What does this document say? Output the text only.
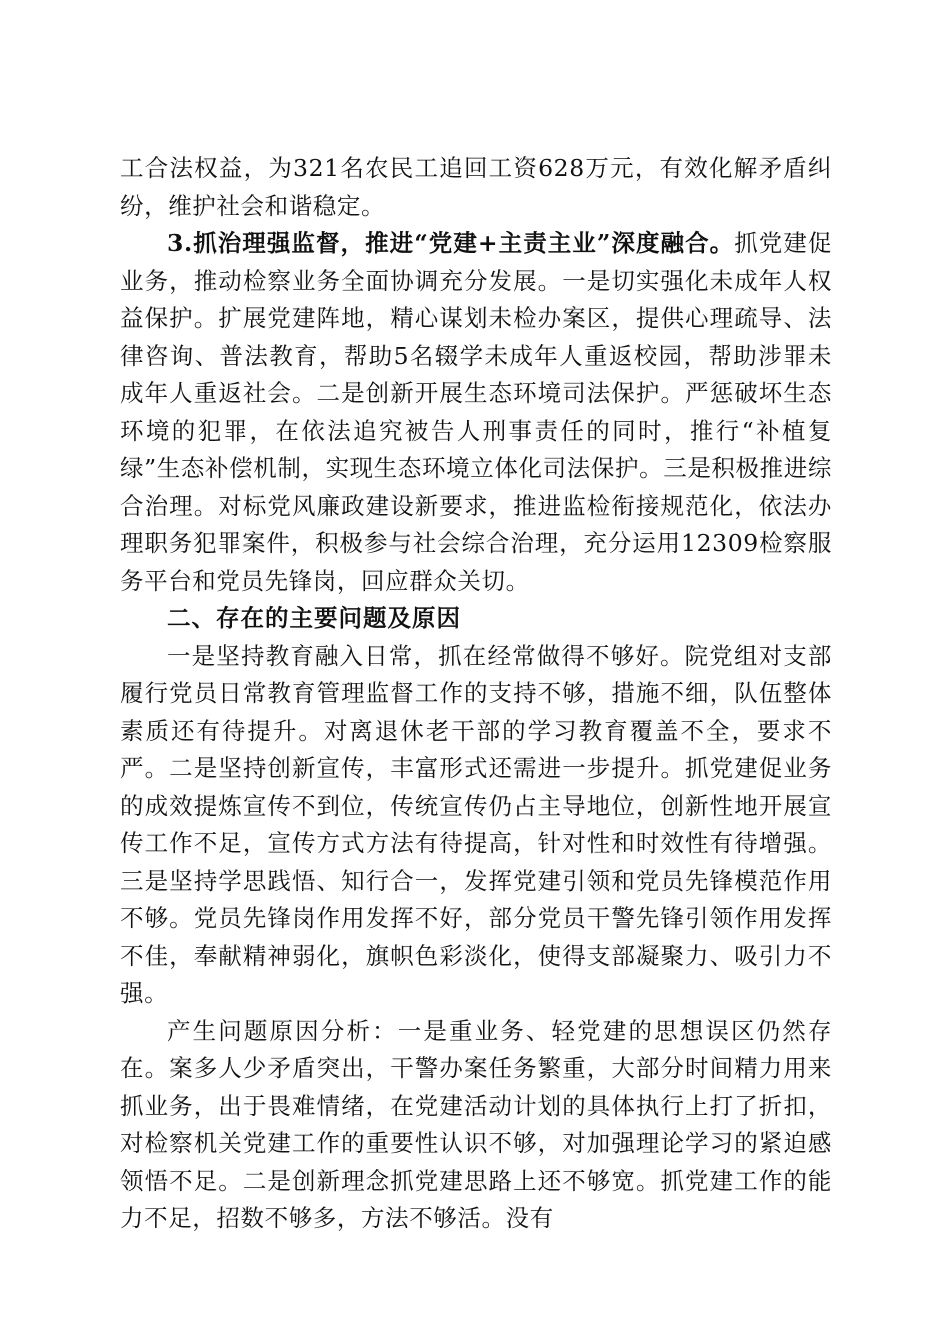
工合法权益，为321名农民工追回工资628万元，有效化解矛盾纠纷，维护社会和谐稳定。

3.抓治理强监督，推进“党建+主责主业”深度融合。抓党建促业务，推动检察业务全面协调充分发展。一是切实强化未成年人权益保护。扩展党建阵地，精心谋划未检办案区，提供心理疏导、法律咨询、普法教育，帮助5名辍学未成年人重返校园，帮助涉罪未成年人重返社会。二是创新开展生态环境司法保护。严惩破坏生态环境的犯罪，在依法追究被告人刑事责任的同时，推行“补植复绿”生态补偿机制，实现生态环境立体化司法保护。三是积极推进综合治理。对标党风廉政建设新要求，推进监检衔接规范化，依法办理职务犯罪案件，积极参与社会综合治理，充分运用12309检察服务平台和党员先锋岗，回应群众关切。

二、存在的主要问题及原因

一是坚持教育融入日常，抓在经常做得不够好。院党组对支部履行党员日常教育管理监督工作的支持不够，措施不细，队伍整体素质还有待提升。对离退休老干部的学习教育覆盖不全，要求不严。二是坚持创新宣传，丰富形式还需进一步提升。抓党建促业务的成效提炼宣传不到位，传统宣传仍占主导地位，创新性地开展宣传工作不足，宣传方式方法有待提高，针对性和时效性有待增强。三是坚持学思践悟、知行合一，发挥党建引领和党员先锋模范作用不够。党员先锋岗作用发挥不好，部分党员干警先锋引领作用发挥不佳，奉献精神弱化，旗帜色彩淡化，使得支部凝聚力、吸引力不强。

产生问题原因分析：一是重业务、轻党建的思想误区仍然存在。案多人少矛盾突出，干警办案任务繁重，大部分时间精力用来抓业务，出于畏难情绪，在党建活动计划的具体执行上打了折扣，对检察机关党建工作的重要性认识不够，对加强理论学习的紧迫感领悟不足。二是创新理念抓党建思路上还不够宽。抓党建工作的能力不足，招数不够多，方法不够活。没有
